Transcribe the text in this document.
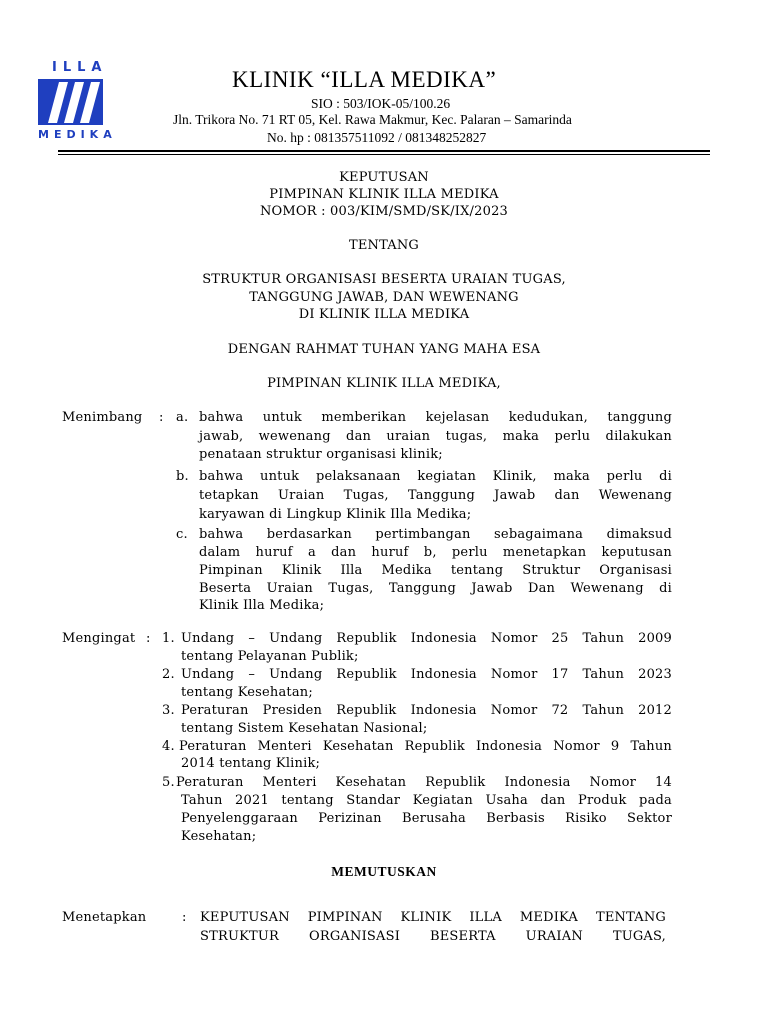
ILLA
MEDIKA
KLINIK “ILLA MEDIKA”
SIO : 503/IOK-05/100.26
Jln. Trikora No. 71 RT 05, Kel. Rawa Makmur, Kec. Palaran – Samarinda
No. hp : 081357511092 / 081348252827
KEPUTUSAN
PIMPINAN KLINIK ILLA MEDIKA
NOMOR : 003/KIM/SMD/SK/IX/2023
TENTANG
STRUKTUR ORGANISASI BESERTA URAIAN TUGAS,
TANGGUNG JAWAB, DAN WEWENANG
DI KLINIK ILLA MEDIKA
DENGAN RAHMAT TUHAN YANG MAHA ESA
PIMPINAN KLINIK ILLA MEDIKA,
Menimbang : a. bahwa untuk memberikan kejelasan kedudukan, tanggung
jawab, wewenang dan uraian tugas, maka perlu dilakukan
penataan struktur organisasi klinik;
b. bahwa untuk pelaksanaan kegiatan Klinik, maka perlu di
tetapkan Uraian Tugas, Tanggung Jawab dan Wewenang
karyawan di Lingkup Klinik Illa Medika;
c. bahwa berdasarkan pertimbangan sebagaimana dimaksud
dalam huruf a dan huruf b, perlu menetapkan keputusan
Pimpinan Klinik Illa Medika tentang Struktur Organisasi
Beserta Uraian Tugas, Tanggung Jawab Dan Wewenang di
Klinik Illa Medika;
Mengingat : 1. Undang – Undang Republik Indonesia Nomor 25 Tahun 2009
tentang Pelayanan Publik;
2. Undang – Undang Republik Indonesia Nomor 17 Tahun 2023
tentang Kesehatan;
3. Peraturan Presiden Republik Indonesia Nomor 72 Tahun 2012
tentang Sistem Kesehatan Nasional;
4. Peraturan Menteri Kesehatan Republik Indonesia Nomor 9 Tahun
2014 tentang Klinik;
5. Peraturan Menteri Kesehatan Republik Indonesia Nomor 14
Tahun 2021 tentang Standar Kegiatan Usaha dan Produk pada
Penyelenggaraan Perizinan Berusaha Berbasis Risiko Sektor
Kesehatan;
MEMUTUSKAN
Menetapkan	: KEPUTUSAN PIMPINAN KLINIK ILLA MEDIKA TENTANG
STRUKTUR ORGANISASI BESERTA URAIAN TUGAS,
